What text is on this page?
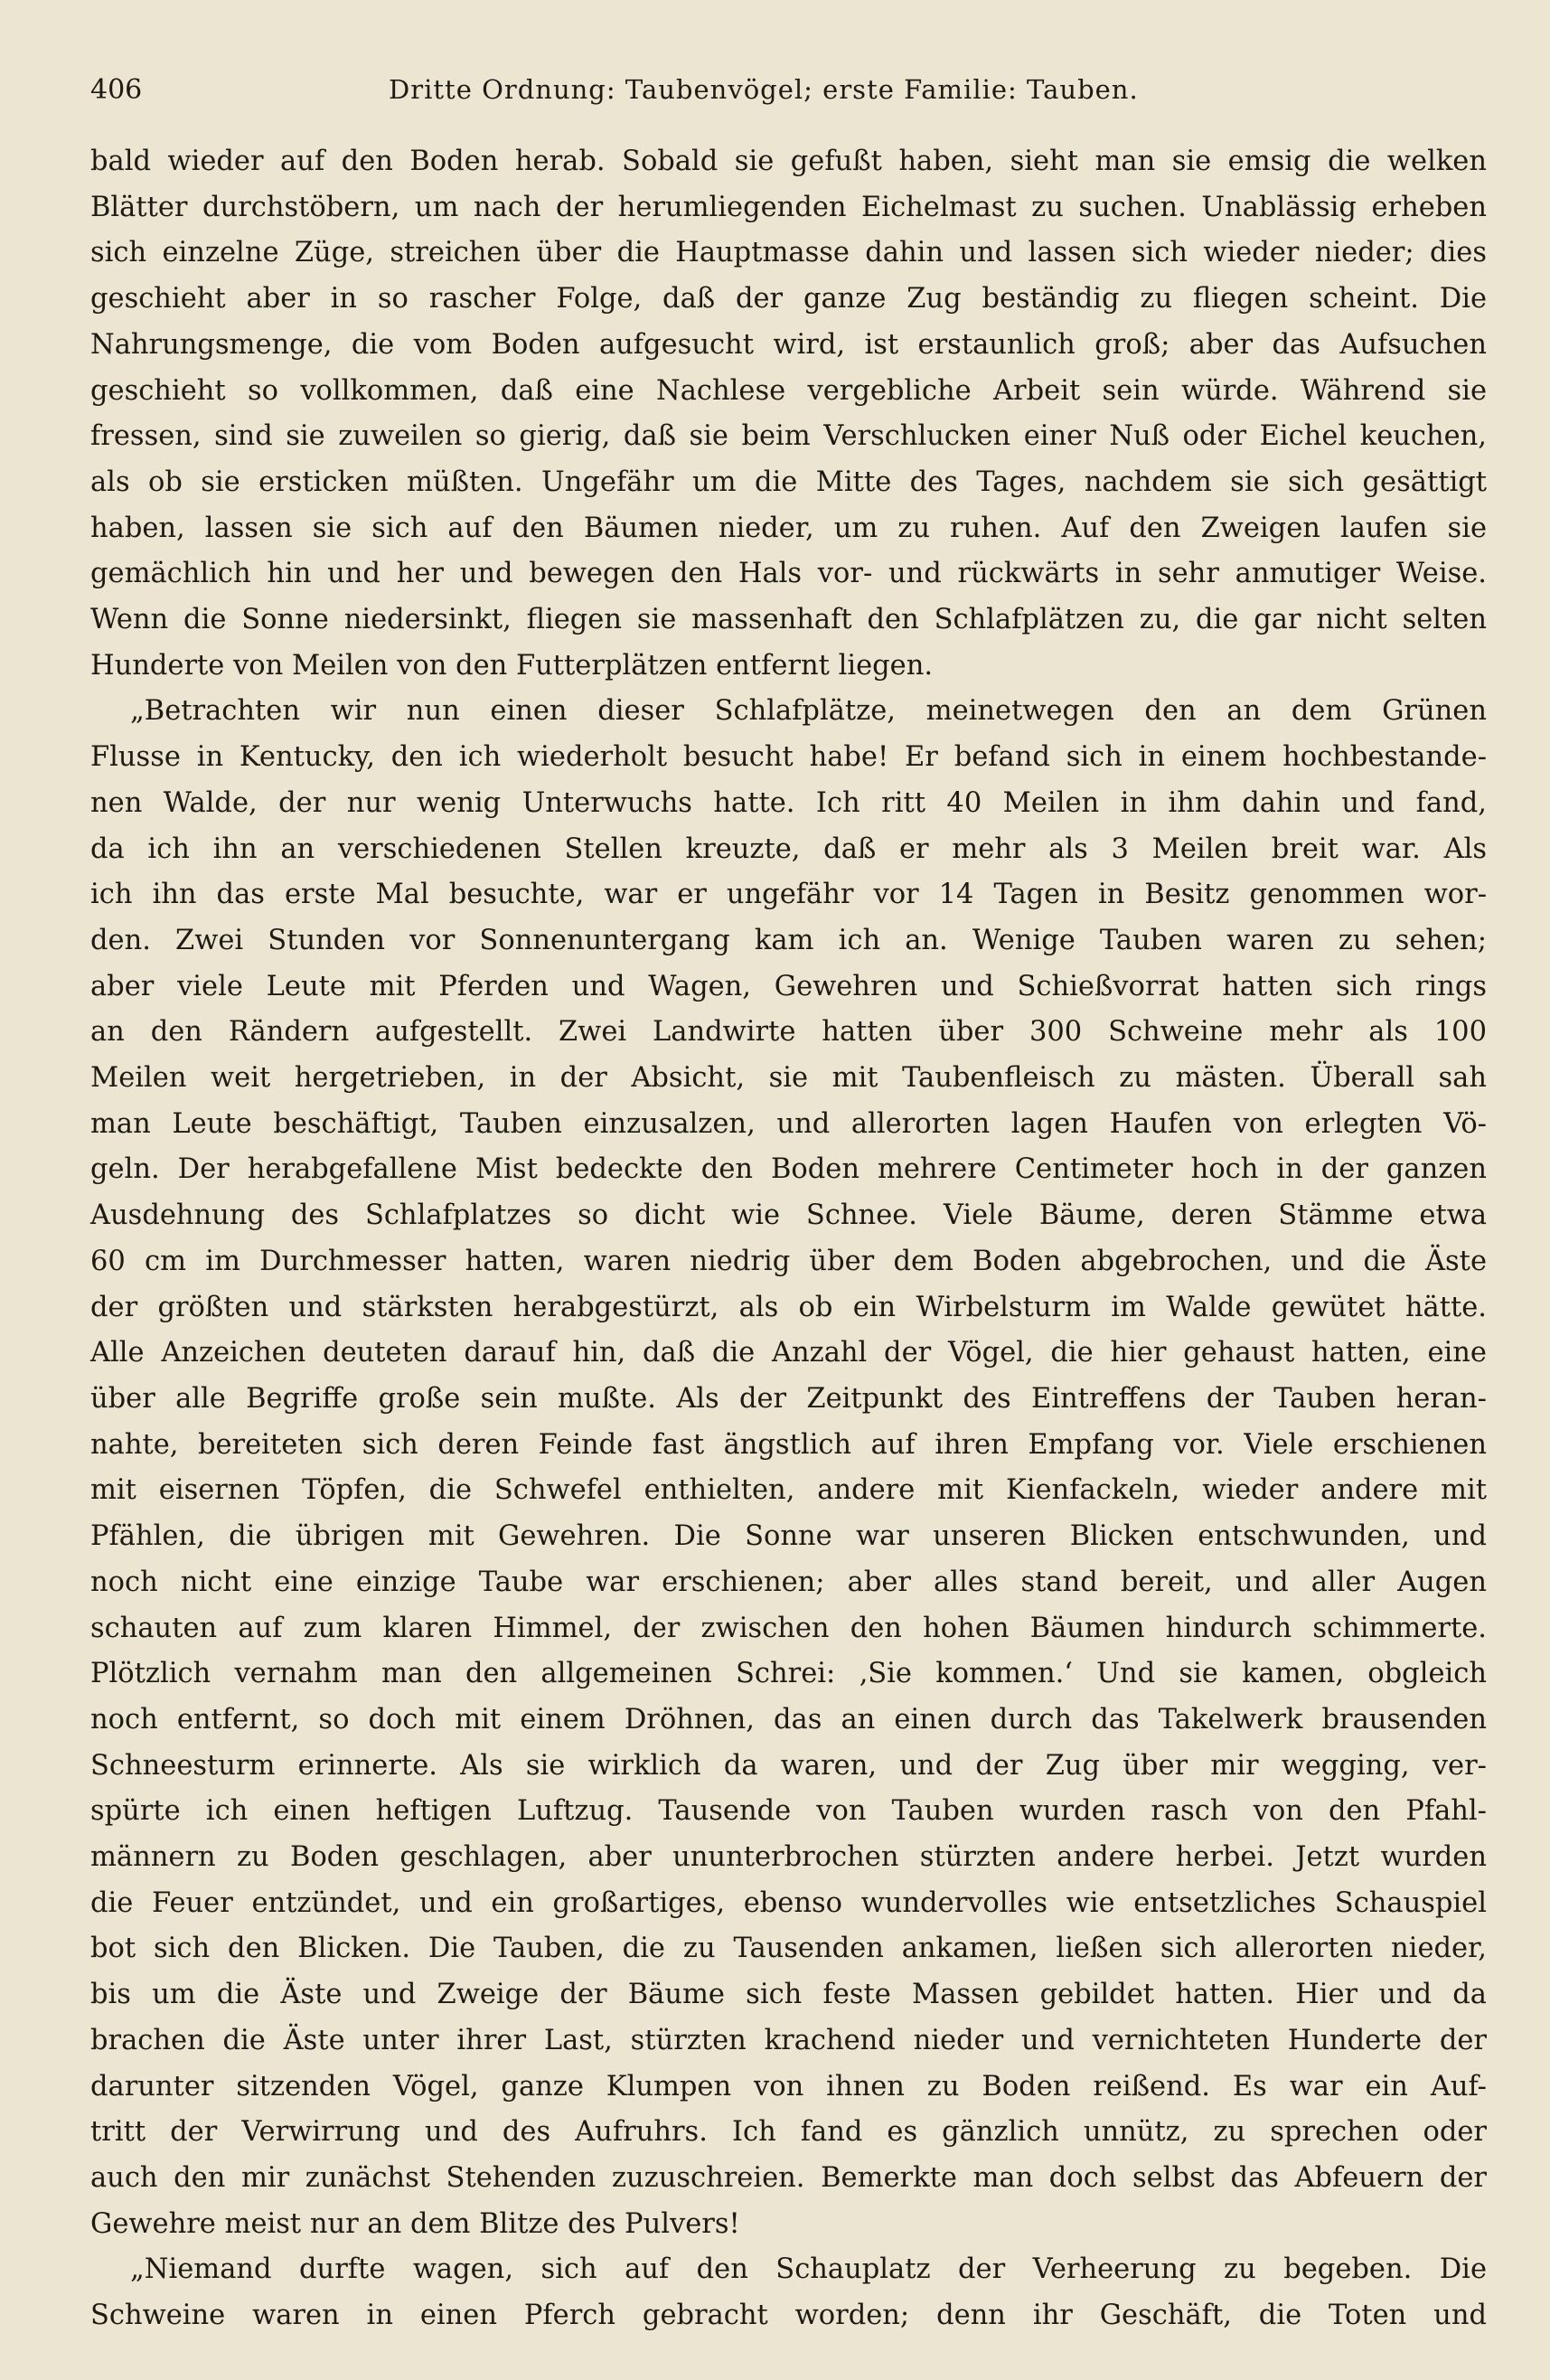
406	Dritte Ordnung: Taubenvögel; erste Familie: Tauben.
bald wieder auf den Boden herab. Sobald sie gefußt haben, sieht man sie emsig die welken
Blätter durchstöbern, um nach der herumliegenden Eichelmast zu suchen. Unablässig erheben
sich einzelne Züge, streichen über die Hauptmasse dahin und lassen sich wieder nieder; dies
geschieht aber in so rascher Folge, daß der ganze Zug beständig zu fliegen scheint. Die
Nahrungsmenge, die vom Boden aufgesucht wird, ist erstaunlich groß; aber das Aufsuchen
geschieht so vollkommen, daß eine Nachlese vergebliche Arbeit sein würde. Während sie
fressen, sind sie zuweilen so gierig, daß sie beim Verschlucken einer Nuß oder Eichel keuchen,
als ob sie ersticken müßten. Ungefähr um die Mitte des Tages, nachdem sie sich gesättigt
haben, lassen sie sich auf den Bäumen nieder, um zu ruhen. Auf den Zweigen laufen sie
gemächlich hin und her und bewegen den Hals vor- und rückwärts in sehr anmutiger Weise.
Wenn die Sonne niedersinkt, fliegen sie massenhaft den Schlafplätzen zu, die gar nicht selten
Hunderte von Meilen von den Futterplätzen entfernt liegen.
„Betrachten wir nun einen dieser Schlafplätze, meinetwegen den an dem Grünen
Flusse in Kentucky, den ich wiederholt besucht habe! Er befand sich in einem hochbestande-
nen Walde, der nur wenig Unterwuchs hatte. Ich ritt 40 Meilen in ihm dahin und fand,
da ich ihn an verschiedenen Stellen kreuzte, daß er mehr als 3 Meilen breit war. Als
ich ihn das erste Mal besuchte, war er ungefähr vor 14 Tagen in Besitz genommen wor-
den. Zwei Stunden vor Sonnenuntergang kam ich an. Wenige Tauben waren zu sehen;
aber viele Leute mit Pferden und Wagen, Gewehren und Schießvorrat hatten sich rings
an den Rändern aufgestellt. Zwei Landwirte hatten über 300 Schweine mehr als 100
Meilen weit hergetrieben, in der Absicht, sie mit Taubenfleisch zu mästen. Überall sah
man Leute beschäftigt, Tauben einzusalzen, und allerorten lagen Haufen von erlegten Vö-
geln. Der herabgefallene Mist bedeckte den Boden mehrere Centimeter hoch in der ganzen
Ausdehnung des Schlafplatzes so dicht wie Schnee. Viele Bäume, deren Stämme etwa
60 cm im Durchmesser hatten, waren niedrig über dem Boden abgebrochen, und die Äste
der größten und stärksten herabgestürzt, als ob ein Wirbelsturm im Walde gewütet hätte.
Alle Anzeichen deuteten darauf hin, daß die Anzahl der Vögel, die hier gehaust hatten, eine
über alle Begriffe große sein mußte. Als der Zeitpunkt des Eintreffens der Tauben heran-
nahte, bereiteten sich deren Feinde fast ängstlich auf ihren Empfang vor. Viele erschienen
mit eisernen Töpfen, die Schwefel enthielten, andere mit Kienfackeln, wieder andere mit
Pfählen, die übrigen mit Gewehren. Die Sonne war unseren Blicken entschwunden, und
noch nicht eine einzige Taube war erschienen; aber alles stand bereit, und aller Augen
schauten auf zum klaren Himmel, der zwischen den hohen Bäumen hindurch schimmerte.
Plötzlich vernahm man den allgemeinen Schrei: ‚Sie kommen.‘ Und sie kamen, obgleich
noch entfernt, so doch mit einem Dröhnen, das an einen durch das Takelwerk brausenden
Schneesturm erinnerte. Als sie wirklich da waren, und der Zug über mir wegging, ver-
spürte ich einen heftigen Luftzug. Tausende von Tauben wurden rasch von den Pfahl-
männern zu Boden geschlagen, aber ununterbrochen stürzten andere herbei. Jetzt wurden
die Feuer entzündet, und ein großartiges, ebenso wundervolles wie entsetzliches Schauspiel
bot sich den Blicken. Die Tauben, die zu Tausenden ankamen, ließen sich allerorten nieder,
bis um die Äste und Zweige der Bäume sich feste Massen gebildet hatten. Hier und da
brachen die Äste unter ihrer Last, stürzten krachend nieder und vernichteten Hunderte der
darunter sitzenden Vögel, ganze Klumpen von ihnen zu Boden reißend. Es war ein Auf-
tritt der Verwirrung und des Aufruhrs. Ich fand es gänzlich unnütz, zu sprechen oder
auch den mir zunächst Stehenden zuzuschreien. Bemerkte man doch selbst das Abfeuern der
Gewehre meist nur an dem Blitze des Pulvers!
„Niemand durfte wagen, sich auf den Schauplatz der Verheerung zu begeben. Die
Schweine waren in einen Pferch gebracht worden; denn ihr Geschäft, die Toten und
